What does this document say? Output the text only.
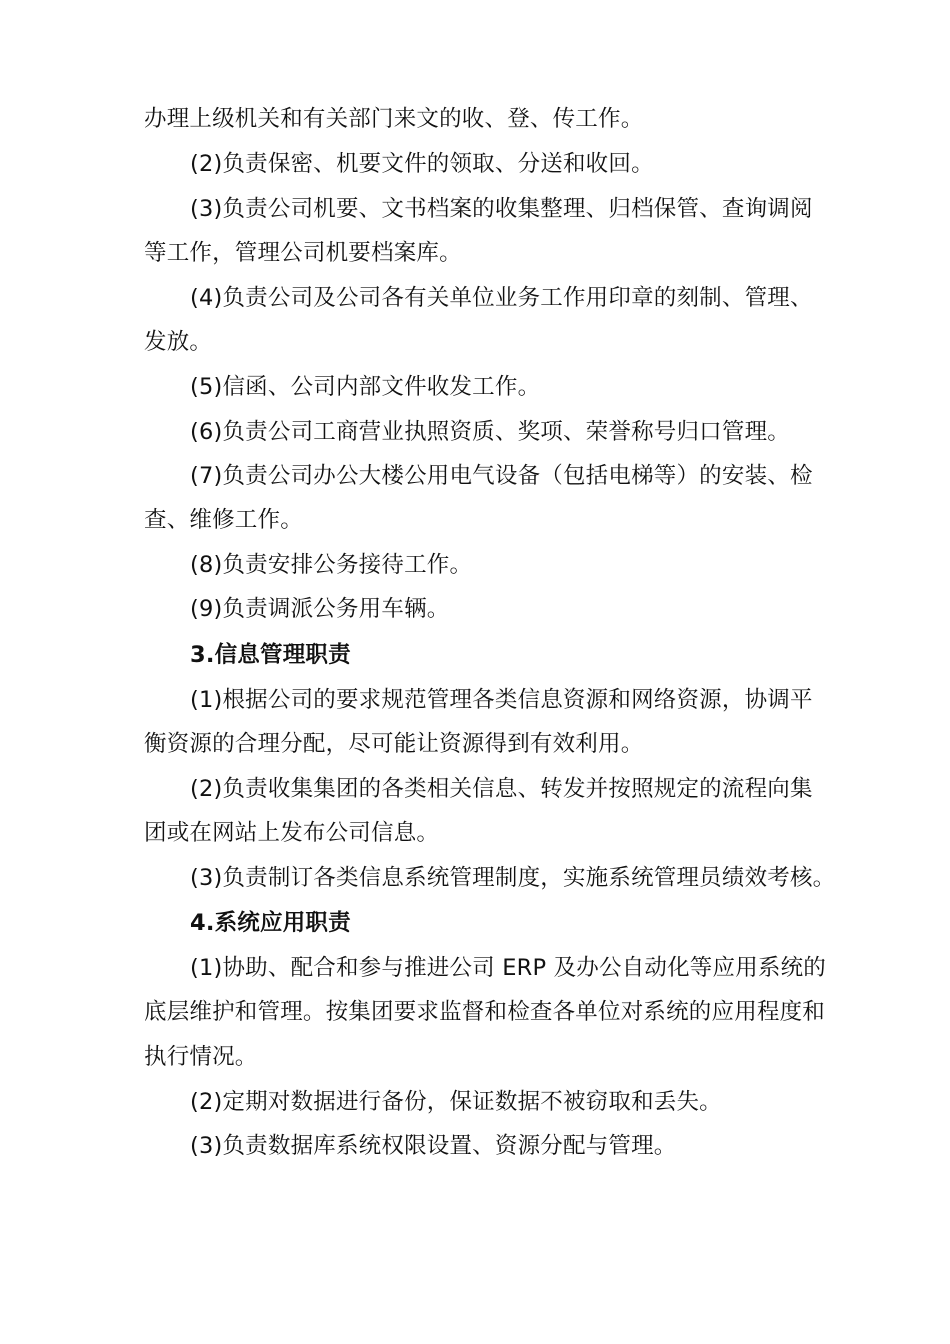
办理上级机关和有关部门来文的收、登、传工作。
(2)负责保密、机要文件的领取、分送和收回。
(3)负责公司机要、文书档案的收集整理、归档保管、查询调阅
等工作，管理公司机要档案库。
(4)负责公司及公司各有关单位业务工作用印章的刻制、管理、
发放。
(5)信函、公司内部文件收发工作。
(6)负责公司工商营业执照资质、奖项、荣誉称号归口管理。
(7)负责公司办公大楼公用电气设备（包括电梯等）的安装、检
查、维修工作。
(8)负责安排公务接待工作。
(9)负责调派公务用车辆。
3.信息管理职责
(1)根据公司的要求规范管理各类信息资源和网络资源，协调平
衡资源的合理分配，尽可能让资源得到有效利用。
(2)负责收集集团的各类相关信息、转发并按照规定的流程向集
团或在网站上发布公司信息。
(3)负责制订各类信息系统管理制度，实施系统管理员绩效考核。
4.系统应用职责
(1)协助、配合和参与推进公司 ERP 及办公自动化等应用系统的
底层维护和管理。按集团要求监督和检查各单位对系统的应用程度和
执行情况。
(2)定期对数据进行备份，保证数据不被窃取和丢失。
(3)负责数据库系统权限设置、资源分配与管理。
